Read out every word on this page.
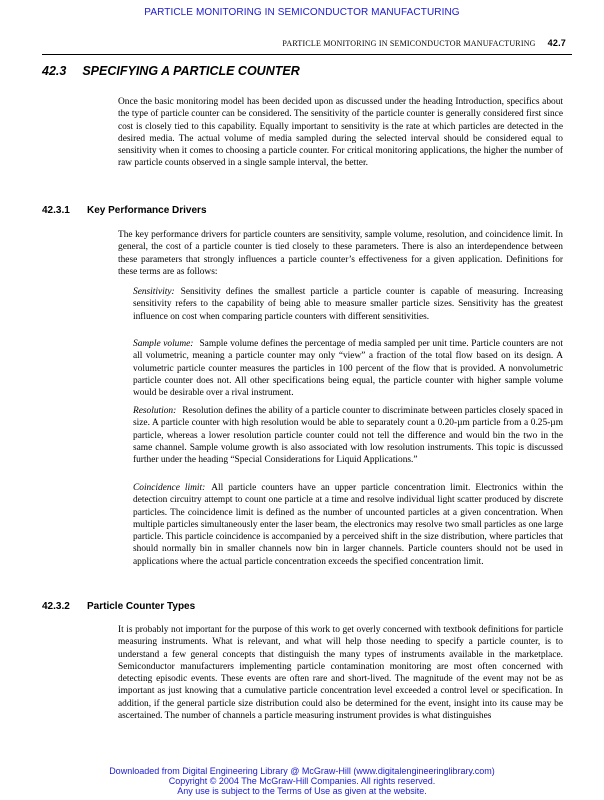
PARTICLE MONITORING IN SEMICONDUCTOR MANUFACTURING
PARTICLE MONITORING IN SEMICONDUCTOR MANUFACTURING 42.7
42.3 SPECIFYING A PARTICLE COUNTER

Once the basic monitoring model has been decided upon as discussed under the heading Introduction, specifics about the type of particle counter can be considered. The sensitivity of the particle counter is generally considered first since cost is closely tied to this capability. Equally important to sensitivity is the rate at which particles are detected in the desired media. The actual volume of media sampled during the selected interval should be considered equal to sensitivity when it comes to choosing a particle counter. For critical monitoring applications, the higher the number of raw particle counts observed in a single sample interval, the better.

42.3.1 Key Performance Drivers

The key performance drivers for particle counters are sensitivity, sample volume, resolution, and coincidence limit. In general, the cost of a particle counter is tied closely to these parameters. There is also an interdependence between these parameters that strongly influences a particle counter’s effectiveness for a given application. Definitions for these terms are as follows:

Sensitivity: Sensitivity defines the smallest particle a particle counter is capable of measuring. Increasing sensitivity refers to the capability of being able to measure smaller particle sizes. Sensitivity has the greatest influence on cost when comparing particle counters with different sensitivities.

Sample volume: Sample volume defines the percentage of media sampled per unit time. Particle counters are not all volumetric, meaning a particle counter may only “view” a fraction of the total flow based on its design. A volumetric particle counter measures the particles in 100 percent of the flow that is provided. A nonvolumetric particle counter does not. All other specifications being equal, the particle counter with higher sample volume would be desirable over a rival instrument.

Resolution: Resolution defines the ability of a particle counter to discriminate between particles closely spaced in size. A particle counter with high resolution would be able to separately count a 0.20-µm particle from a 0.25-µm particle, whereas a lower resolution particle counter could not tell the difference and would bin the two in the same channel. Sample volume growth is also associated with low resolution instruments. This topic is discussed further under the heading “Special Considerations for Liquid Applications.”

Coincidence limit: All particle counters have an upper particle concentration limit. Electronics within the detection circuitry attempt to count one particle at a time and resolve individual light scatter produced by discrete particles. The coincidence limit is defined as the number of uncounted particles at a given concentration. When multiple particles simultaneously enter the laser beam, the electronics may resolve two small particles as one large particle. This particle coincidence is accompanied by a perceived shift in the size distribution, where particles that should normally bin in smaller channels now bin in larger channels. Particle counters should not be used in applications where the actual particle concentration exceeds the specified concentration limit.

42.3.2 Particle Counter Types

It is probably not important for the purpose of this work to get overly concerned with textbook definitions for particle measuring instruments. What is relevant, and what will help those needing to specify a particle counter, is to understand a few general concepts that distinguish the many types of instruments available in the marketplace. Semiconductor manufacturers implementing particle contamination monitoring are most often concerned with detecting episodic events. These events are often rare and short-lived. The magnitude of the event may not be as important as just knowing that a cumulative particle concentration level exceeded a control level or specification. In addition, if the general particle size distribution could also be determined for the event, insight into its cause may be ascertained. The number of channels a particle measuring instrument provides is what distinguishes

Downloaded from Digital Engineering Library @ McGraw-Hill (www.digitalengineeringlibrary.com)
Copyright © 2004 The McGraw-Hill Companies. All rights reserved.
Any use is subject to the Terms of Use as given at the website.
